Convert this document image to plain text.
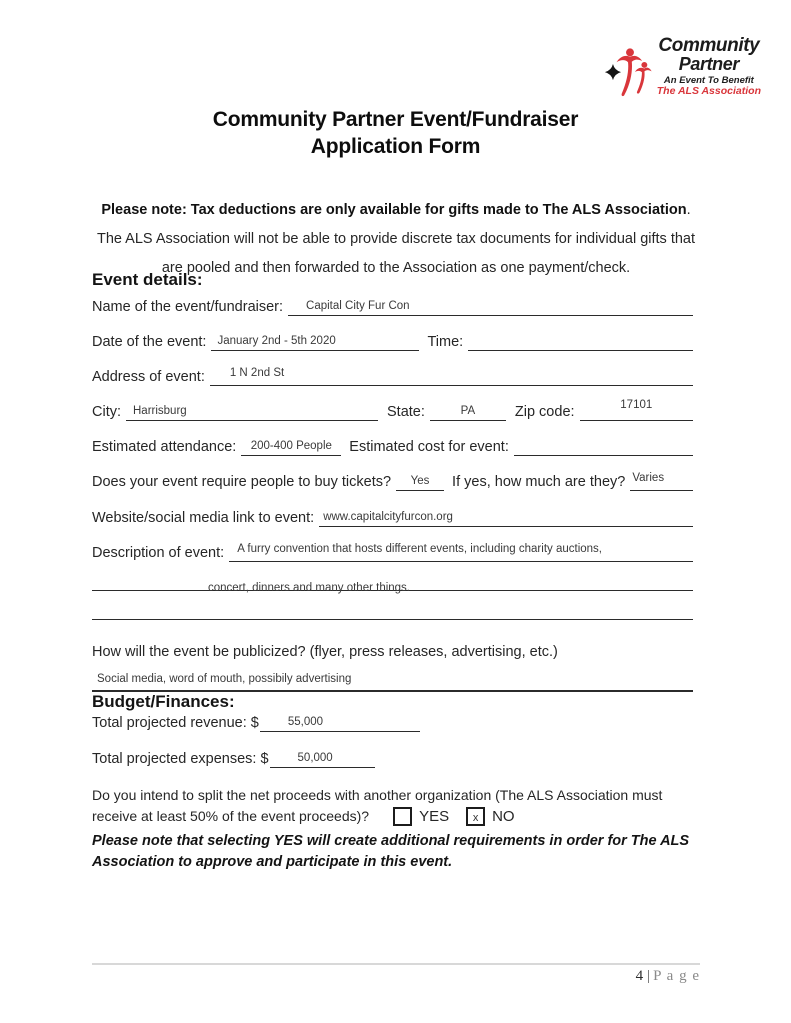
Community
Partner
An Event To Benefit
The ALS Association
Community Partner Event/Fundraiser
Application Form

Please note: Tax deductions are only available for gifts made to The ALS Association. The ALS Association will not be able to provide discrete tax documents for individual gifts that are pooled and then forwarded to the Association as one payment/check.

Event details:
Name of the event/fundraiser:	Capital City Fur Con
Date of the event: January 2nd - 5th 2020	Time:
Address of event:	1 N 2nd St
City:	Harrisburg	State:	PA	Zip code:	17101
Estimated attendance:	200-400 People	Estimated cost for event:
Does your event require people to buy tickets?	Yes	If yes, how much are they? Varies
Website/social media link to event: www.capitalcityfurcon.org
Description of event:	A furry convention that hosts different events, including charity auctions,
concert, dinners and many other things.
How will the event be publicized? (flyer, press releases, advertising, etc.)
Social media, word of mouth, possibily advertising
Budget/Finances:
Total projected revenue: $	55,000
Total projected expenses: $	50,000
Do you intend to split the net proceeds with another organization (The ALS Association must
receive at least 50% of the event proceeds)?	YES x NO

Please note that selecting YES will create additional requirements in order for The ALS Association to approve and participate in this event.

4 | P a g e
